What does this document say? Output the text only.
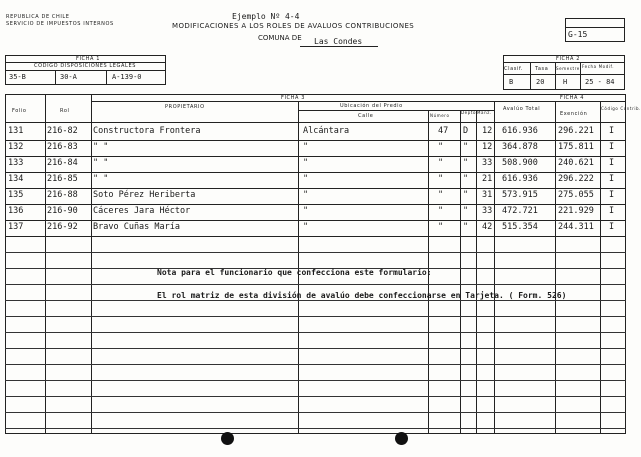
REPUBLICA DE CHILE
SERVICIO DE IMPUESTOS INTERNOS
Ejemplo Nº 4-4
MODIFICACIONES A LOS ROLES DE AVALUOS CONTRIBUCIONES
COMUNA DE Las Condes
G-15
FICHA 1
CODIGO DISPOSICIONES LEGALES
35-B	30-A	A-139-0
FICHA 2
Clasif. Tasa Semestre Fecha Modif.
B	20	H	25 - 84
FICHA 3	FICHA 4
Folio	Rol
PROPIETARIO	Ubicación del Predio
Calle	Número
Depto. Manz.
Avalúo Total
Exención
Código Contrib.
131	216-82 Constructora Frontera	Alcántara	47 D 12 616.936 296.221 I
132	216-83 " "	"	" " 12 364.878 175.811 I
133	216-84 " "	"	" " 33 508.900 240.621 I
134	216-85 " "	"	" " 21 616.936 296.222 I
135	216-88 Soto Pérez Heriberta	"	" " 31 573.915 275.055 I
136	216-90 Cáceres Jara Héctor	"	" " 33 472.721 221.929 I
137	216-92 Bravo Cuñas María	"	" " 42 515.354 244.311 I
Nota para el funcionario que confecciona este formulario:
El rol matriz de esta división de avalúo debe confeccionarse en Tarjeta. ( Form. 526)
